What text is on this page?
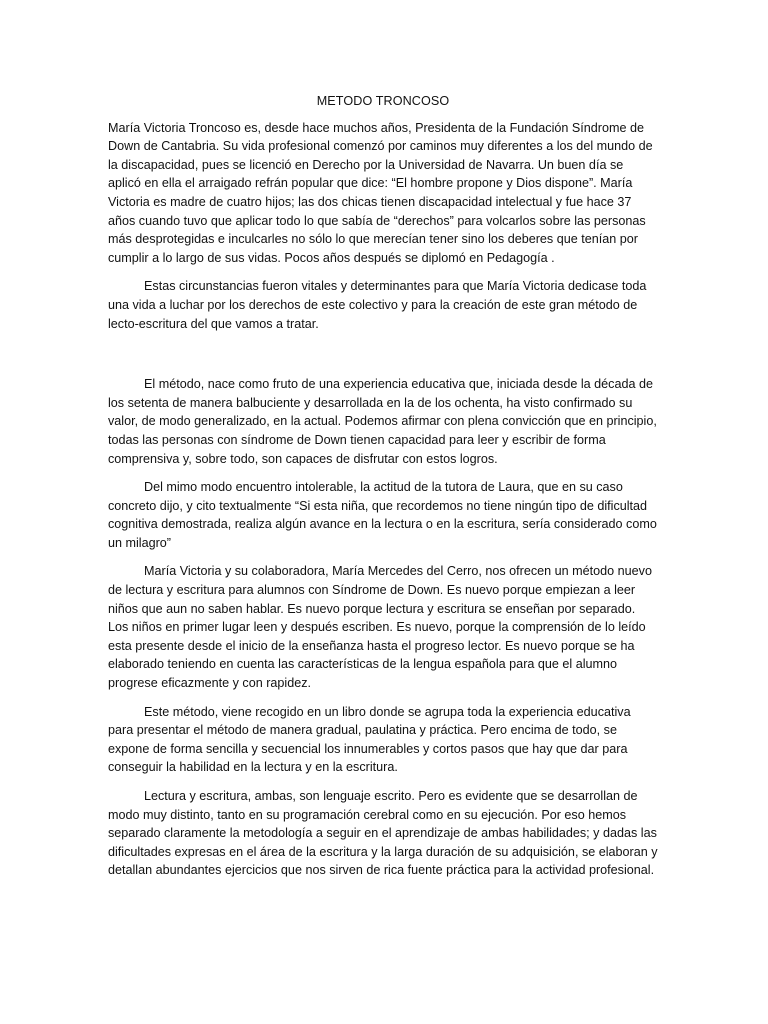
METODO TRONCOSO

María Victoria Troncoso es, desde hace muchos años, Presidenta de la Fundación Síndrome de Down de Cantabria. Su vida profesional comenzó por caminos muy diferentes a los del mundo de la discapacidad, pues se licenció en Derecho por la Universidad de Navarra. Un buen día se aplicó en ella el arraigado refrán popular que dice: “El hombre propone y Dios dispone”. María Victoria es madre de cuatro hijos; las dos chicas tienen discapacidad intelectual y fue hace 37 años cuando tuvo que aplicar todo lo que sabía de “derechos” para volcarlos sobre las personas más desprotegidas e inculcarles no sólo lo que merecían tener sino los deberes que tenían por cumplir a lo largo de sus vidas. Pocos años después se diplomó en Pedagogía .

Estas circunstancias fueron vitales y determinantes para que María Victoria dedicase toda una vida a luchar por los derechos de este colectivo y para la creación de este gran método de lecto-escritura del que vamos a tratar.

El método, nace como fruto de una experiencia educativa que, iniciada desde la década de los setenta de manera balbuciente y desarrollada en la de los ochenta, ha visto confirmado su valor, de modo generalizado, en la actual. Podemos afirmar con plena convicción que en principio, todas las personas con síndrome de Down tienen capacidad para leer y escribir de forma comprensiva y, sobre todo, son capaces de disfrutar con estos logros.

Del mimo modo encuentro intolerable, la actitud de la tutora de Laura, que en su caso concreto dijo, y cito textualmente “Si esta niña, que recordemos no tiene ningún tipo de dificultad cognitiva demostrada, realiza algún avance en la lectura o en la escritura, sería considerado como un milagro”

María Victoria y su colaboradora, María Mercedes del Cerro, nos ofrecen un método nuevo de lectura y escritura para alumnos con Síndrome de Down. Es nuevo porque empiezan a leer niños que aun no saben hablar. Es nuevo porque lectura y escritura se enseñan por separado. Los niños en primer lugar leen y después escriben. Es nuevo, porque la comprensión de lo leído esta presente desde el inicio de la enseñanza hasta el progreso lector. Es nuevo porque se ha elaborado teniendo en cuenta las características de la lengua española para que el alumno progrese eficazmente y con rapidez.

Este método, viene recogido en un libro donde se agrupa toda la experiencia educativa para presentar el método de manera gradual, paulatina y práctica. Pero encima de todo, se expone de forma sencilla y secuencial los innumerables y cortos pasos que hay que dar para conseguir la habilidad en la lectura y en la escritura.

Lectura y escritura, ambas, son lenguaje escrito. Pero es evidente que se desarrollan de modo muy distinto, tanto en su programación cerebral como en su ejecución. Por eso hemos separado claramente la metodología a seguir en el aprendizaje de ambas habilidades; y dadas las dificultades expresas en el área de la escritura y la larga duración de su adquisición, se elaboran y detallan abundantes ejercicios que nos sirven de rica fuente práctica para la actividad profesional.
